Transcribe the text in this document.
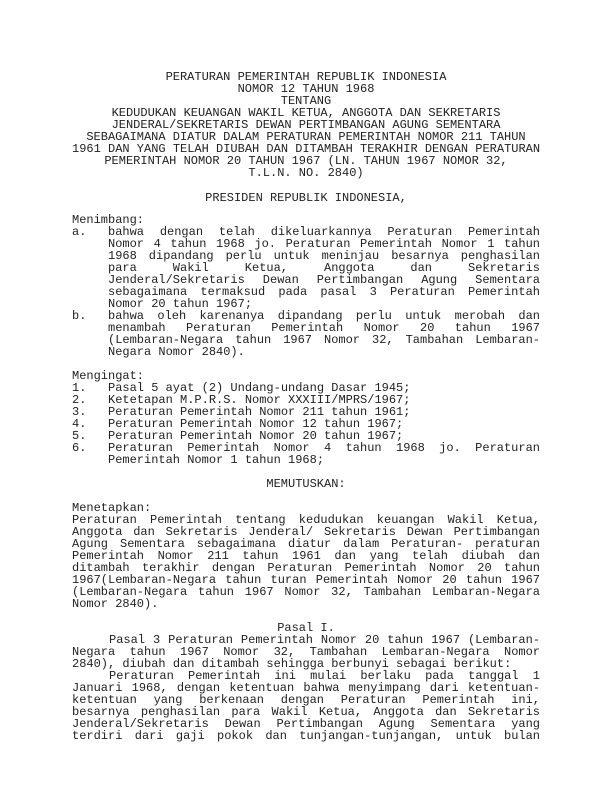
PERATURAN PEMERINTAH REPUBLIK INDONESIA
NOMOR 12 TAHUN 1968
TENTANG
KEDUDUKAN KEUANGAN WAKIL KETUA, ANGGOTA DAN SEKRETARIS
JENDERAL/SEKRETARIS DEWAN PERTIMBANGAN AGUNG SEMENTARA
SEBAGAIMANA DIATUR DALAM PERATURAN PEMERINTAH NOMOR 211 TAHUN
1961 DAN YANG TELAH DIUBAH DAN DITAMBAH TERAKHIR DENGAN PERATURAN
PEMERINTAH NOMOR 20 TAHUN 1967 (LN. TAHUN 1967 NOMOR 32,
T.L.N. NO. 2840)
PRESIDEN REPUBLIK INDONESIA,
Menimbang:
a.	bahwa dengan telah dikeluarkannya Peraturan Pemerintah Nomor 4 tahun 1968 jo. Peraturan Pemerintah Nomor 1 tahun 1968 dipandang perlu untuk meninjau besarnya penghasilan para Wakil Ketua, Anggota dan Sekretaris Jenderal/Sekretaris Dewan Pertimbangan Agung Sementara sebagaimana termaksud pada pasal 3 Peraturan Pemerintah Nomor 20 tahun 1967;
b.	bahwa oleh karenanya dipandang perlu untuk merobah dan menambah Peraturan Pemerintah Nomor 20 tahun 1967 (Lembaran-Negara tahun 1967 Nomor 32, Tambahan Lembaran-Negara Nomor 2840).
Mengingat:
1.	Pasal 5 ayat (2) Undang-undang Dasar 1945;
2.	Ketetapan M.P.R.S. Nomor XXXIII/MPRS/1967;
3.	Peraturan Pemerintah Nomor 211 tahun 1961;
4.	Peraturan Pemerintah Nomor 12 tahun 1967;
5.	Peraturan Pemerintah Nomor 20 tahun 1967;
6.	Peraturan Pemerintah Nomor 4 tahun 1968 jo. Peraturan Pemerintah Nomor 1 tahun 1968;
MEMUTUSKAN:
Menetapkan:
Peraturan Pemerintah tentang kedudukan keuangan Wakil Ketua, Anggota dan Sekretaris Jenderal/ Sekretaris Dewan Pertimbangan Agung Sementara sebagaimana diatur dalam Peraturan- peraturan Pemerintah Nomor 211 tahun 1961 dan yang telah diubah dan ditambah terakhir dengan Peraturan Pemerintah Nomor 20 tahun 1967(Lembaran-Negara tahun turan Pemerintah Nomor 20 tahun 1967 (Lembaran-Negara tahun 1967 Nomor 32, Tambahan Lembaran-Negara Nomor 2840).
Pasal I.
Pasal 3 Peraturan Pemerintah Nomor 20 tahun 1967 (Lembaran-Negara tahun 1967 Nomor 32, Tambahan Lembaran-Negara Nomor 2840), diubah dan ditambah sehingga berbunyi sebagai berikut:
Peraturan Pemerintah ini mulai berlaku pada tanggal 1 Januari 1968, dengan ketentuan bahwa menyimpang dari ketentuan-ketentuan yang berkenaan dengan Peraturan Pemerintah ini, besarnya penghasilan para Wakil Ketua, Anggota dan Sekretaris Jenderal/Sekretaris Dewan Pertimbangan Agung Sementara yang terdiri dari gaji pokok dan tunjangan-tunjangan, untuk bulan
